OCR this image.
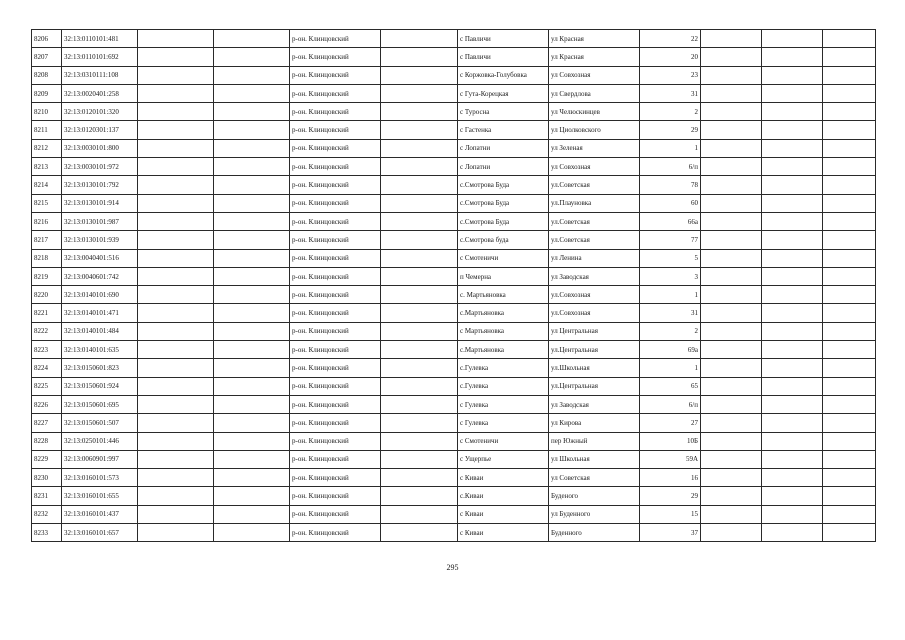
8206	32:13:0110101:481			р-он. Клинцовский		с Павличи	ул Красная	22			
8207	32:13:0110101:692			р-он. Клинцовский		с Павличи	ул Красная	20			
8208	32:13:0310111:108			р-он. Клинцовский		с Коржовка-Голубовка	ул Совхозная	23			
8209	32:13:0020401:258			р-он. Клинцовский		с Гута-Корецкая	ул Свердлова	31			
8210	32:13:0120101:320			р-он. Клинцовский		с Туросна	ул Челюскинцев	2			
8211	32:13:0120301:137			р-он. Клинцовский		с Гастенка	ул Циолковского	29			
8212	32:13:0030101:800			р-он. Клинцовский		с Лопатни	ул Зеленая	1			
8213	32:13:0030101:972			р-он. Клинцовский		с Лопатни	ул Совхозная	6/п			
8214	32:13:0130101:792			р-он. Клинцовский		с.Смотрова Буда	ул.Советская	78			
8215	32:13:0130101:914			р-он. Клинцовский		с.Смотрова Буда	ул.Плауновка	60			
8216	32:13:0130101:987			р-он. Клинцовский		с.Смотрова Буда	ул.Советская	66а			
8217	32:13:0130101:939			р-он. Клинцовский		с.Смотрова буда	ул.Советская	77			
8218	32:13:0040401:516			р-он. Клинцовский		с Смотеничи	ул Ленина	5			
8219	32:13:0040601:742			р-он. Клинцовский		п Чемерна	ул Заводская	3			
8220	32:13:0140101:690			р-он. Клинцовский		с. Мартьяновка	ул.Совхозная	1			
8221	32:13:0140101:471			р-он. Клинцовский		с.Мартьяновка	ул.Совхозная	31			
8222	32:13:0140101:484			р-он. Клинцовский		с Мартьяновка	ул Центральная	2			
8223	32:13:0140101:635			р-он. Клинцовский		с.Мартьяновка	ул.Центральная	69а			
8224	32:13:0150601:823			р-он. Клинцовский		с.Гулевка	ул.Школьная	1			
8225	32:13:0150601:924			р-он. Клинцовский		с.Гулевка	ул.Центральная	65			
8226	32:13:0150601:695			р-он. Клинцовский		с Гулевка	ул Заводская	6/п			
8227	32:13:0150601:507			р-он. Клинцовский		с Гулевка	ул Кирова	27			
8228	32:13:0250101:446			р-он. Клинцовский		с Смотеничи	пер Южный	10Б			
8229	32:13:0060901:997			р-он. Клинцовский		с Ущерпье	ул Школьная	59А			
8230	32:13:0160101:573			р-он. Клинцовский		с Киваи	ул Советская	16			
8231	32:13:0160101:655			р-он. Клинцовский		с.Киваи	Буденого	29			
8232	32:13:0160101:437			р-он. Клинцовский		с Киваи	ул Буденного	15			
8233	32:13:0160101:657			р-он. Клинцовский		с Киваи	Буденного	37			
295
